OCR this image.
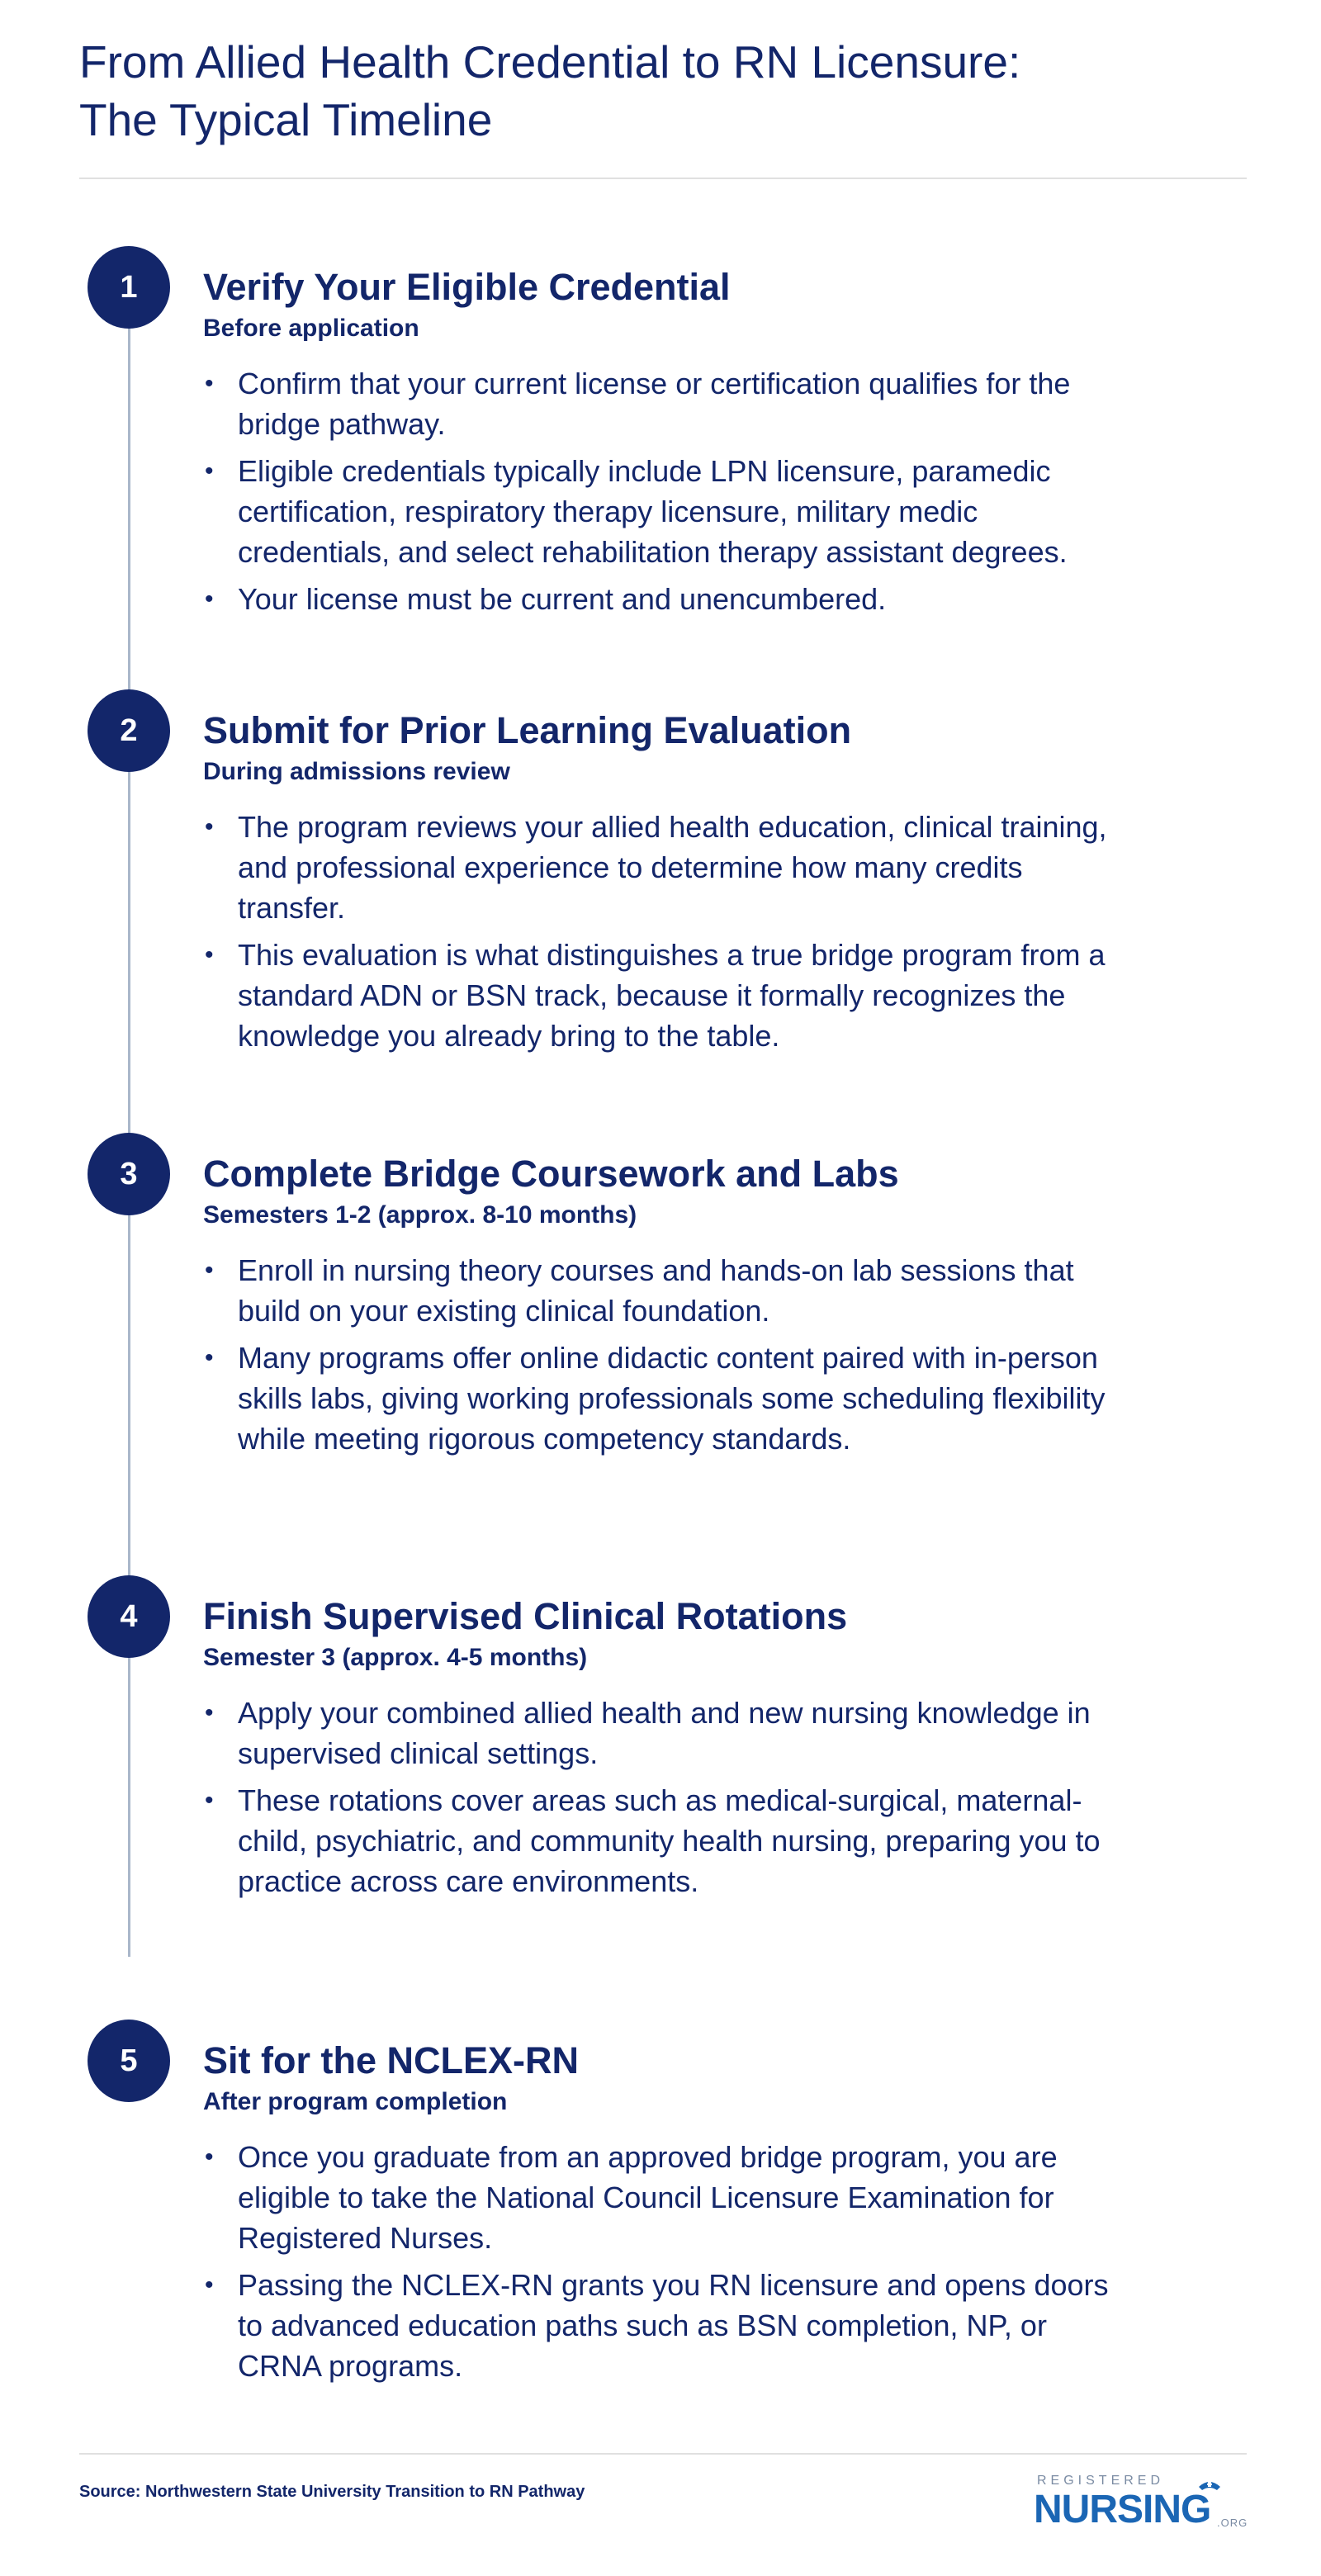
From Allied Health Credential to RN Licensure:
The Typical Timeline
1	Verify Your Eligible Credential

Before application

• Confirm that your current license or certification qualifies for the bridge pathway.
• Eligible credentials typically include LPN licensure, paramedic certification, respiratory therapy licensure, military medic credentials, and select rehabilitation therapy assistant degrees.
• Your license must be current and unencumbered.
2	Submit for Prior Learning Evaluation

During admissions review

• The program reviews your allied health education, clinical training, and professional experience to determine how many credits transfer.
• This evaluation is what distinguishes a true bridge program from a standard ADN or BSN track, because it formally recognizes the knowledge you already bring to the table.
3	Complete Bridge Coursework and Labs

Semesters 1-2 (approx. 8-10 months)

• Enroll in nursing theory courses and hands-on lab sessions that build on your existing clinical foundation.
• Many programs offer online didactic content paired with in-person skills labs, giving working professionals some scheduling flexibility while meeting rigorous competency standards.
4	Finish Supervised Clinical Rotations

Semester 3 (approx. 4-5 months)

• Apply your combined allied health and new nursing knowledge in supervised clinical settings.
• These rotations cover areas such as medical-surgical, maternal-child, psychiatric, and community health nursing, preparing you to practice across care environments.
5	Sit for the NCLEX-RN

After program completion

• Once you graduate from an approved bridge program, you are eligible to take the National Council Licensure Examination for Registered Nurses.
• Passing the NCLEX-RN grants you RN licensure and opens doors to advanced education paths such as BSN completion, NP, or CRNA programs.
Source: Northwestern State University Transition to RN Pathway
REGISTERED
NURSING .ORG
